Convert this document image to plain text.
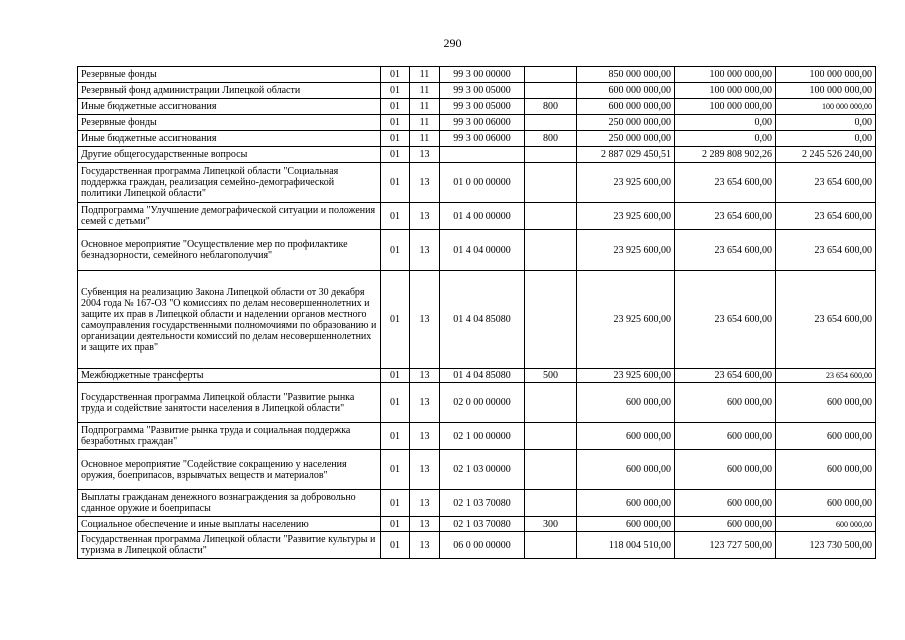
290
Резервные фонды	01	11	99 3 00 00000		850 000 000,00	100 000 000,00	100 000 000,00
Резервный фонд администрации Липецкой области	01	11	99 3 00 05000		600 000 000,00	100 000 000,00	100 000 000,00
Иные бюджетные ассигнования	01	11	99 3 00 05000	800	600 000 000,00	100 000 000,00	100 000 000,00
Резервные фонды	01	11	99 3 00 06000		250 000 000,00	0,00	0,00
Иные бюджетные ассигнования	01	11	99 3 00 06000	800	250 000 000,00	0,00	0,00
Другие общегосударственные вопросы	01	13			2 887 029 450,51	2 289 808 902,26	2 245 526 240,00
Государственная программа Липецкой области "Социальная поддержка граждан, реализация семейно-демографической политики Липецкой области"	01	13	01 0 00 00000		23 925 600,00	23 654 600,00	23 654 600,00
Подпрограмма "Улучшение демографической ситуации и положения семей с детьми"	01	13	01 4 00 00000		23 925 600,00	23 654 600,00	23 654 600,00
Основное мероприятие "Осуществление мер по профилактике безнадзорности, семейного неблагополучия"	01	13	01 4 04 00000		23 925 600,00	23 654 600,00	23 654 600,00
Субвенция на реализацию Закона Липецкой области от 30 декабря 2004 года № 167-ОЗ "О комиссиях по делам несовершеннолетних и защите их прав в Липецкой области и наделении органов местного самоуправления государственными полномочиями по образованию и организации деятельности комиссий по делам несовершеннолетних и защите их прав"	01	13	01 4 04 85080		23 925 600,00	23 654 600,00	23 654 600,00
Межбюджетные трансферты	01	13	01 4 04 85080	500	23 925 600,00	23 654 600,00	23 654 600,00
Государственная программа Липецкой области "Развитие рынка труда и содействие занятости населения в Липецкой области"	01	13	02 0 00 00000		600 000,00	600 000,00	600 000,00
Подпрограмма "Развитие рынка труда и социальная поддержка безработных граждан"	01	13	02 1 00 00000		600 000,00	600 000,00	600 000,00
Основное мероприятие "Содействие сокращению у населения оружия, боеприпасов, взрывчатых веществ и материалов"	01	13	02 1 03 00000		600 000,00	600 000,00	600 000,00
Выплаты гражданам денежного вознаграждения за добровольно сданное оружие и боеприпасы	01	13	02 1 03 70080		600 000,00	600 000,00	600 000,00
Социальное обеспечение и иные выплаты населению	01	13	02 1 03 70080	300	600 000,00	600 000,00	600 000,00
Государственная программа Липецкой области "Развитие культуры и туризма в Липецкой области"	01	13	06 0 00 00000		118 004 510,00	123 727 500,00	123 730 500,00
